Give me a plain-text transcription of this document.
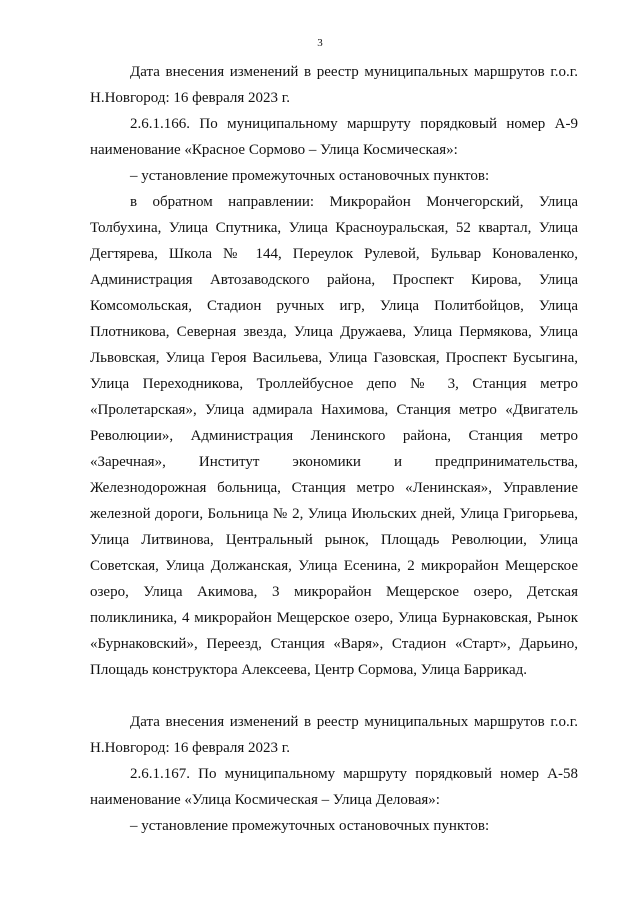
3

Дата внесения изменений в реестр муниципальных маршрутов г.о.г. Н.Новгород: 16 февраля 2023 г.

2.6.1.166. По муниципальному маршруту порядковый номер А-9 наименование «Красное Сормово – Улица Космическая»:

– установление промежуточных остановочных пунктов:

в обратном направлении: Микрорайон Мончегорский, Улица Толбухина, Улица Спутника, Улица Красноуральская, 52 квартал, Улица Дегтярева, Школа № 144, Переулок Рулевой, Бульвар Коноваленко, Администрация Автозаводского района, Проспект Кирова, Улица Комсомольская, Стадион ручных игр, Улица Политбойцов, Улица Плотникова, Северная звезда, Улица Дружаева, Улица Пермякова, Улица Львовская, Улица Героя Васильева, Улица Газовская, Проспект Бусыгина, Улица Переходникова, Троллейбусное депо № 3, Станция метро «Пролетарская», Улица адмирала Нахимова, Станция метро «Двигатель Революции», Администрация Ленинского района, Станция метро «Заречная», Институт экономики и предпринимательства, Железнодорожная больница, Станция метро «Ленинская», Управление железной дороги, Больница № 2, Улица Июльских дней, Улица Григорьева, Улица Литвинова, Центральный рынок, Площадь Революции, Улица Советская, Улица Должанская, Улица Есенина, 2 микрорайон Мещерское озеро, Улица Акимова, 3 микрорайон Мещерское озеро, Детская поликлиника, 4 микрорайон Мещерское озеро, Улица Бурнаковская, Рынок «Бурнаковский», Переезд, Станция «Варя», Стадион «Старт», Дарьино, Площадь конструктора Алексеева, Центр Сормова, Улица Баррикад.

Дата внесения изменений в реестр муниципальных маршрутов г.о.г. Н.Новгород: 16 февраля 2023 г.

2.6.1.167. По муниципальному маршруту порядковый номер А-58 наименование «Улица Космическая – Улица Деловая»:

– установление промежуточных остановочных пунктов:
